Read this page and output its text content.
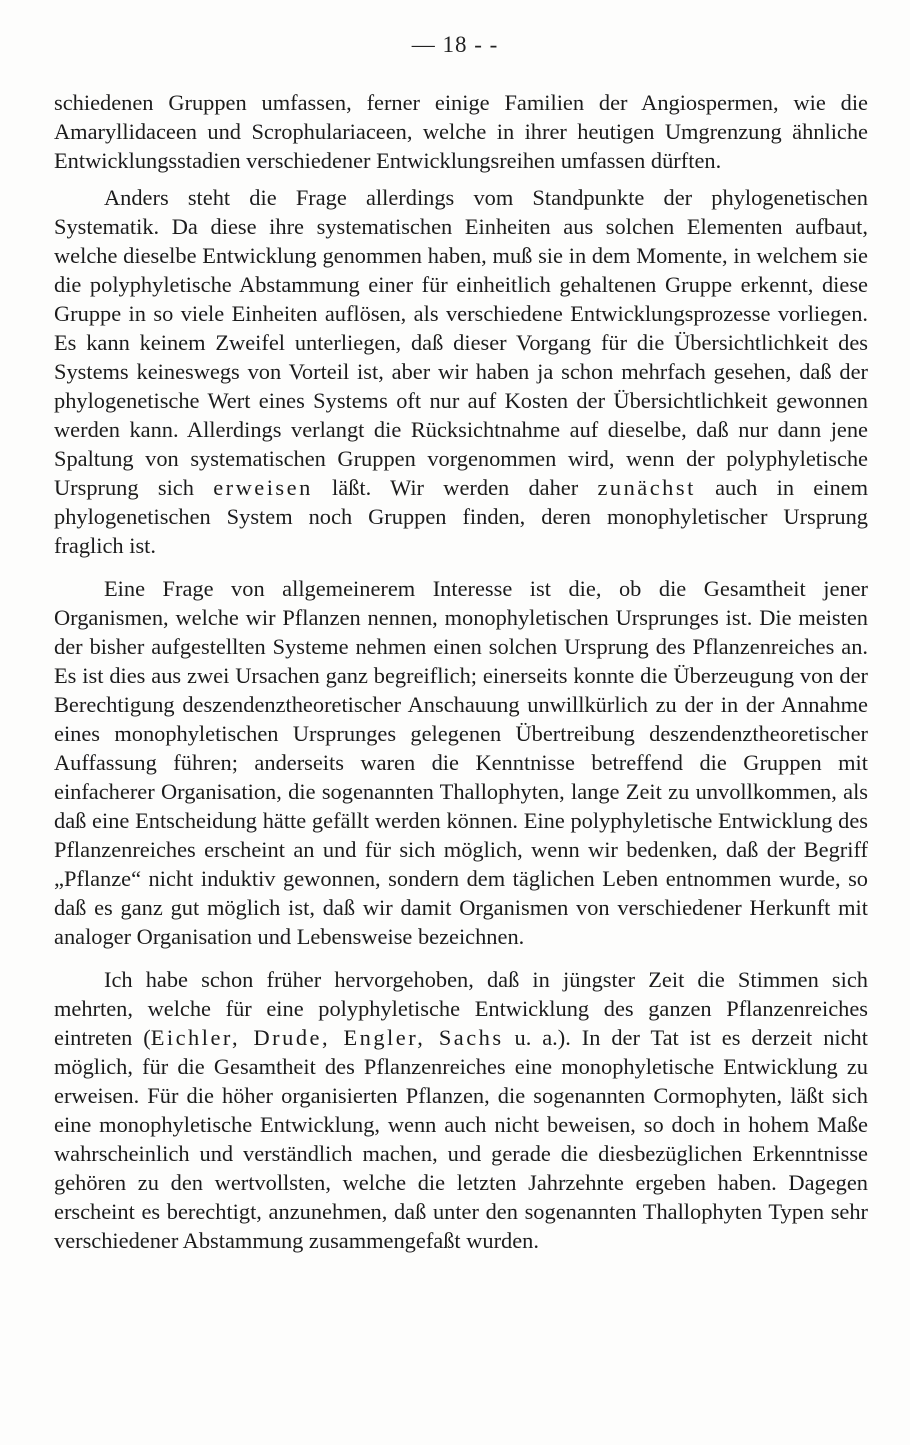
— 18 - -

schiedenen Gruppen umfassen, ferner einige Familien der Angiospermen, wie die Amaryllidaceen und Scrophulariaceen, welche in ihrer heutigen Umgrenzung ähnliche Entwicklungsstadien verschiedener Entwicklungsreihen umfassen dürften.

Anders steht die Frage allerdings vom Standpunkte der phylogenetischen Systematik. Da diese ihre systematischen Einheiten aus solchen Elementen aufbaut, welche dieselbe Entwicklung genommen haben, muß sie in dem Momente, in welchem sie die polyphyletische Abstammung einer für einheitlich gehaltenen Gruppe erkennt, diese Gruppe in so viele Einheiten auflösen, als verschiedene Entwicklungsprozesse vorliegen. Es kann keinem Zweifel unterliegen, daß dieser Vorgang für die Übersichtlichkeit des Systems keineswegs von Vorteil ist, aber wir haben ja schon mehrfach gesehen, daß der phylogenetische Wert eines Systems oft nur auf Kosten der Übersichtlichkeit gewonnen werden kann. Allerdings verlangt die Rücksichtnahme auf dieselbe, daß nur dann jene Spaltung von systematischen Gruppen vorgenommen wird, wenn der polyphyletische Ursprung sich erweisen läßt. Wir werden daher zunächst auch in einem phylogenetischen System noch Gruppen finden, deren monophyletischer Ursprung fraglich ist.

Eine Frage von allgemeinerem Interesse ist die, ob die Gesamtheit jener Organismen, welche wir Pflanzen nennen, monophyletischen Ursprunges ist. Die meisten der bisher aufgestellten Systeme nehmen einen solchen Ursprung des Pflanzenreiches an. Es ist dies aus zwei Ursachen ganz begreiflich; einerseits konnte die Überzeugung von der Berechtigung deszendenztheoretischer Anschauung unwillkürlich zu der in der Annahme eines monophyletischen Ursprunges gelegenen Übertreibung deszendenztheoretischer Auffassung führen; anderseits waren die Kenntnisse betreffend die Gruppen mit einfacherer Organisation, die sogenannten Thallophyten, lange Zeit zu unvollkommen, als daß eine Entscheidung hätte gefällt werden können. Eine polyphyletische Entwicklung des Pflanzenreiches erscheint an und für sich möglich, wenn wir bedenken, daß der Begriff „Pflanze“ nicht induktiv gewonnen, sondern dem täglichen Leben entnommen wurde, so daß es ganz gut möglich ist, daß wir damit Organismen von verschiedener Herkunft mit analoger Organisation und Lebensweise bezeichnen.

Ich habe schon früher hervorgehoben, daß in jüngster Zeit die Stimmen sich mehrten, welche für eine polyphyletische Entwicklung des ganzen Pflanzenreiches eintreten (Eichler, Drude, Engler, Sachs u. a.). In der Tat ist es derzeit nicht möglich, für die Gesamtheit des Pflanzenreiches eine monophyletische Entwicklung zu erweisen. Für die höher organisierten Pflanzen, die sogenannten Cormophyten, läßt sich eine monophyletische Entwicklung, wenn auch nicht beweisen, so doch in hohem Maße wahrscheinlich und verständlich machen, und gerade die diesbezüglichen Erkenntnisse gehören zu den wertvollsten, welche die letzten Jahrzehnte ergeben haben. Dagegen erscheint es berechtigt, anzunehmen, daß unter den sogenannten Thallophyten Typen sehr verschiedener Abstammung zusammengefaßt wurden.
